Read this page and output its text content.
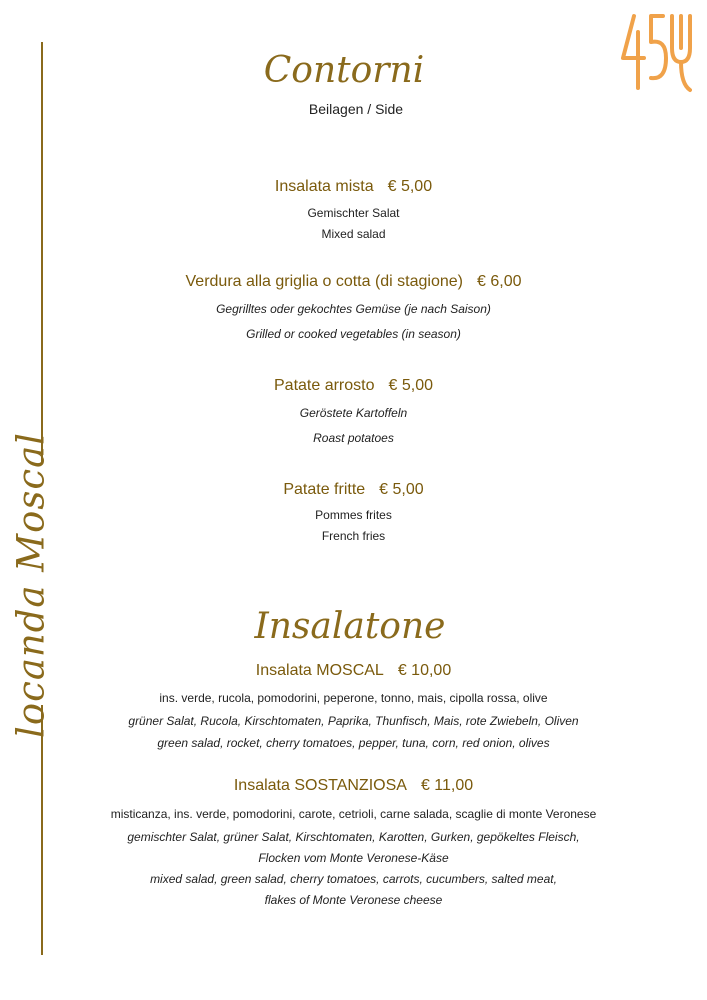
locanda Moscal
Contorni
Beilagen / Side
Insalata mista € 5,00
Gemischter Salat
Mixed salad
Verdura alla griglia o cotta (di stagione) € 6,00
Gegrilltes oder gekochtes Gemüse (je nach Saison)
Grilled or cooked vegetables (in season)
Patate arrosto € 5,00
Geröstete Kartoffeln
Roast potatoes
Patate fritte € 5,00
Pommes frites
French fries
Insalatone
Insalata MOSCAL € 10,00
ins. verde, rucola, pomodorini, peperone, tonno, mais, cipolla rossa, olive
grüner Salat, Rucola, Kirschtomaten, Paprika, Thunfisch, Mais, rote Zwiebeln, Oliven
green salad, rocket, cherry tomatoes, pepper, tuna, corn, red onion, olives
Insalata SOSTANZIOSA € 11,00
misticanza, ins. verde, pomodorini, carote, cetrioli, carne salada, scaglie di monte Veronese
gemischter Salat, grüner Salat, Kirschtomaten, Karotten, Gurken, gepökeltes Fleisch,
Flocken vom Monte Veronese-Käse
mixed salad, green salad, cherry tomatoes, carrots, cucumbers, salted meat,
flakes of Monte Veronese cheese
